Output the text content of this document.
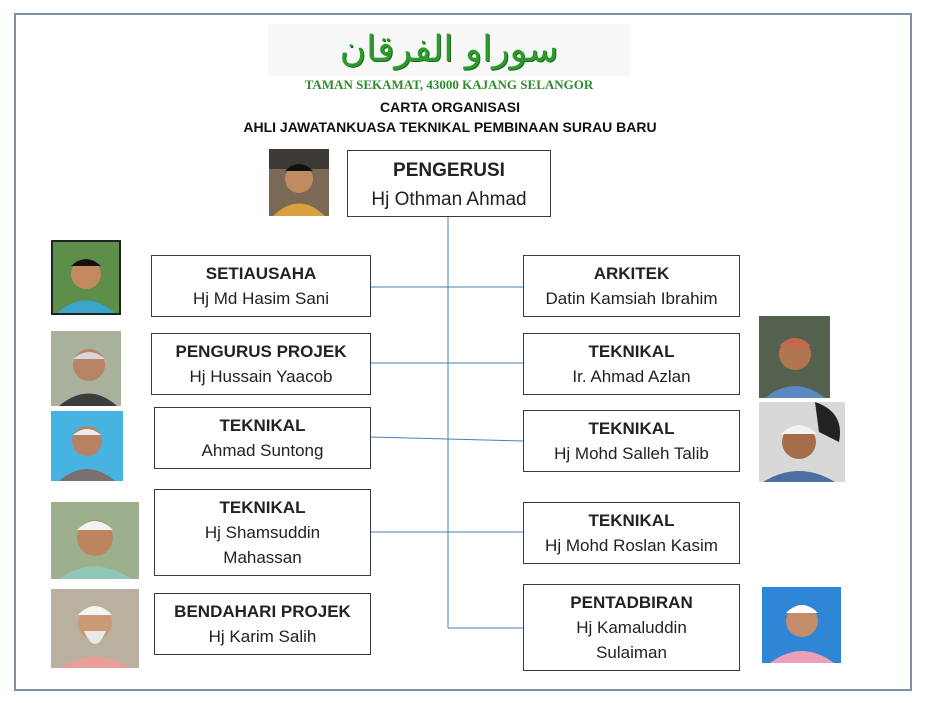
سوراو الفرقان
TAMAN SEKAMAT, 43000 KAJANG SELANGOR
CARTA ORGANISASI
AHLI JAWATANKUASA TEKNIKAL PEMBINAAN SURAU BARU
PENGERUSI
Hj Othman Ahmad
SETIAUSAHA
Hj Md Hasim Sani
PENGURUS PROJEK
Hj Hussain Yaacob
TEKNIKAL
Ahmad Suntong
TEKNIKAL
Hj Shamsuddin
Mahassan
BENDAHARI PROJEK
Hj Karim Salih
ARKITEK
Datin Kamsiah Ibrahim
TEKNIKAL
Ir. Ahmad Azlan
TEKNIKAL
Hj Mohd Salleh Talib
TEKNIKAL
Hj Mohd Roslan Kasim
PENTADBIRAN
Hj Kamaluddin
Sulaiman
